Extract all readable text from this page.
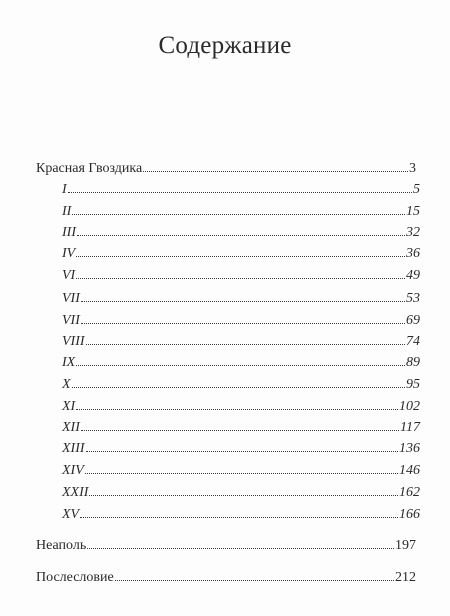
Содержание
Красная Гвоздика	3
I	5
II	15
III	32
IV	36
VI	49
VII	53
VII	69
VIII	74
IX	89
X	95
XI	102
XII	117
XIII	136
XIV	146
XXII	162
XV	166
Неаполь	197
Послесловие	212
